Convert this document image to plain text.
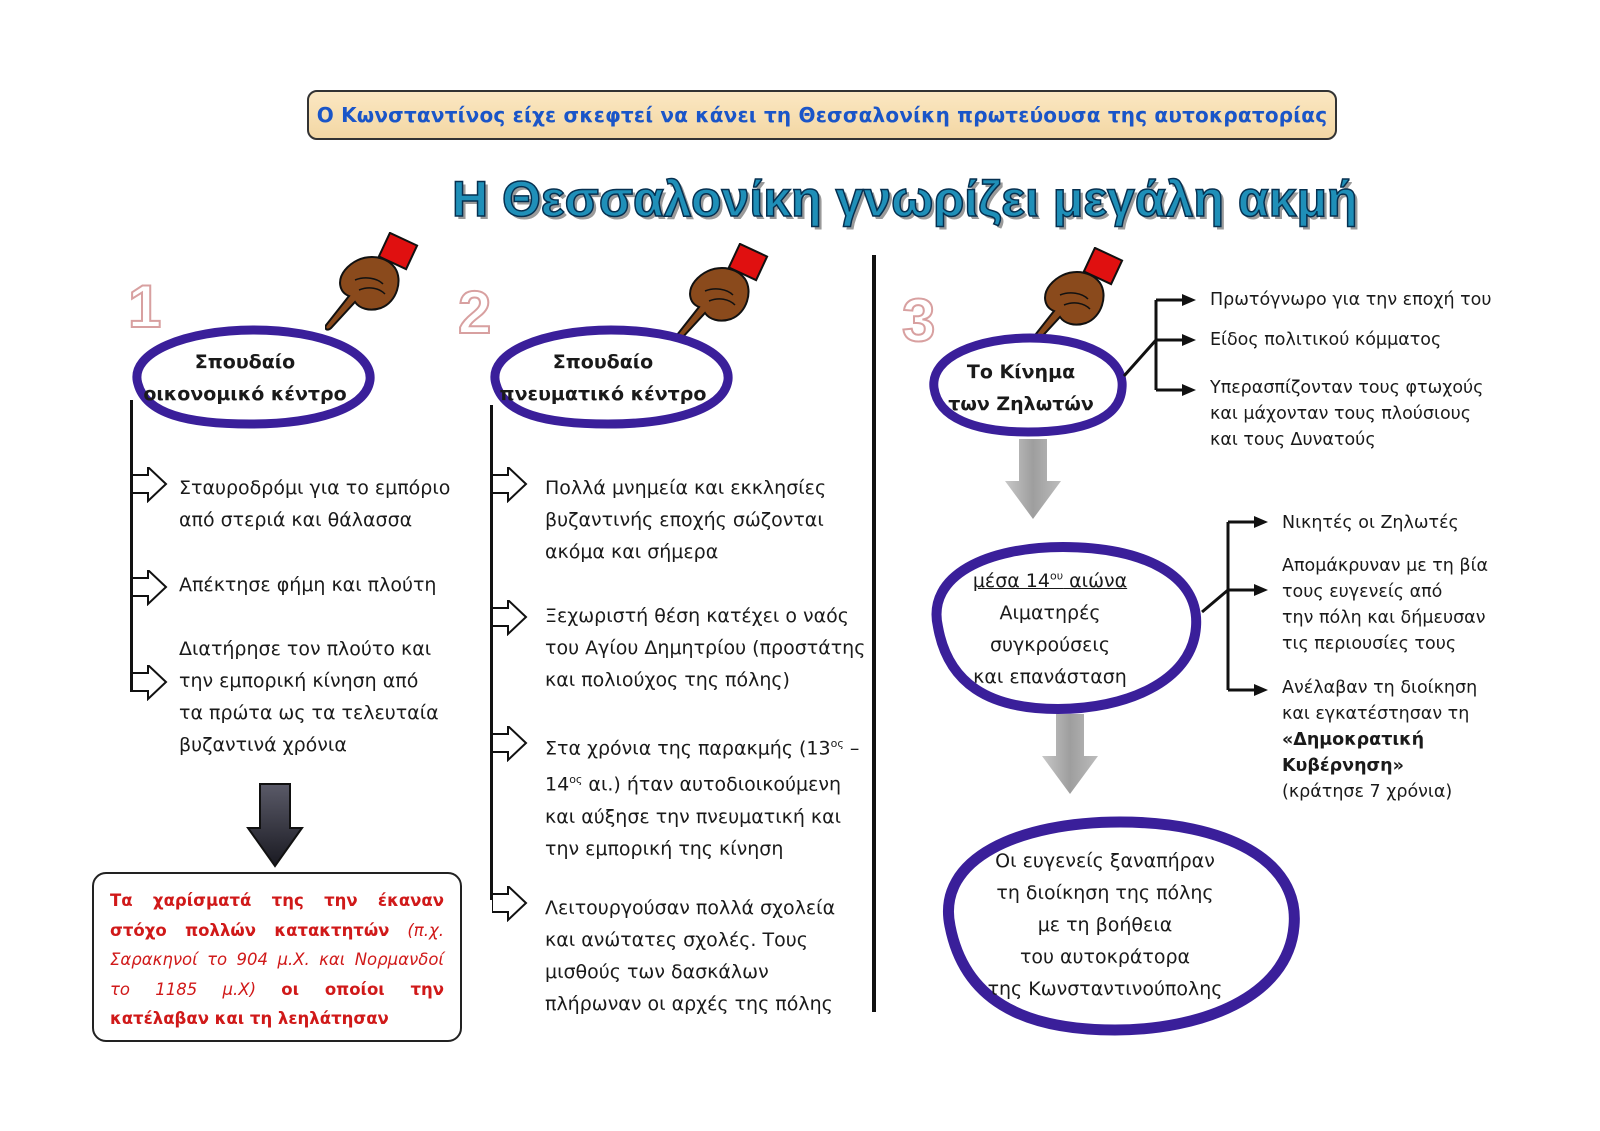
Ο Κωνσταντίνος είχε σκεφτεί να κάνει τη Θεσσαλονίκη πρωτεύουσα της αυτοκρατορίας
Η Θεσσαλονίκη γνωρίζει μεγάλη ακμή
1
Σπουδαίο
οικονομικό κέντρο
Σταυροδρόμι για το εμπόριο
από στεριά και θάλασσα
Απέκτησε φήμη και πλούτη
Διατήρησε τον πλούτο και
την εμπορική κίνηση από
τα πρώτα ως τα τελευταία
βυζαντινά χρόνια
Τα χαρίσματά της την έκαναν στόχο πολλών κατακτητών (π.χ. Σαρακηνοί το 904 μ.Χ. και Νορμανδοί το 1185 μ.Χ) οι οποίοι την κατέλαβαν και τη λεηλάτησαν
2
Σπουδαίο
πνευματικό κέντρο
Πολλά μνημεία και εκκλησίες
βυζαντινής εποχής σώζονται
ακόμα και σήμερα
Ξεχωριστή θέση κατέχει ο ναός
του Αγίου Δημητρίου (προστάτης
και πολιούχος της πόλης)
Στα χρόνια της παρακμής ($13^{o\varsigma}$ –
$14^{o\varsigma}$ αι.) ήταν αυτοδιοικούμενη
και αύξησε την πνευματική και
την εμπορική της κίνηση
Λειτουργούσαν πολλά σχολεία
και ανώτατες σχολές. Τους
μισθούς των δασκάλων
πλήρωναν οι αρχές της πόλης
3
Το Κίνημα
των Ζηλωτών
Πρωτόγνωρο για την εποχή του
Είδος πολιτικού κόμματος
Υπερασπίζονταν τους φτωχούς
και μάχονταν τους πλούσιους
και τους Δυνατούς
μέσα $14^{o\upsilon}$ αιώνα
Αιματηρές
συγκρούσεις
και επανάσταση
Νικητές οι Ζηλωτές
Απομάκρυναν με τη βία
τους ευγενείς από
την πόλη και δήμευσαν
τις περιουσίες τους
Ανέλαβαν τη διοίκηση
και εγκατέστησαν τη
«Δημοκρατική
Κυβέρνηση»
(κράτησε 7 χρόνια)
Οι ευγενείς ξαναπήραν
τη διοίκηση της πόλης
με τη βοήθεια
του αυτοκράτορα
της Κωνσταντινούπολης
